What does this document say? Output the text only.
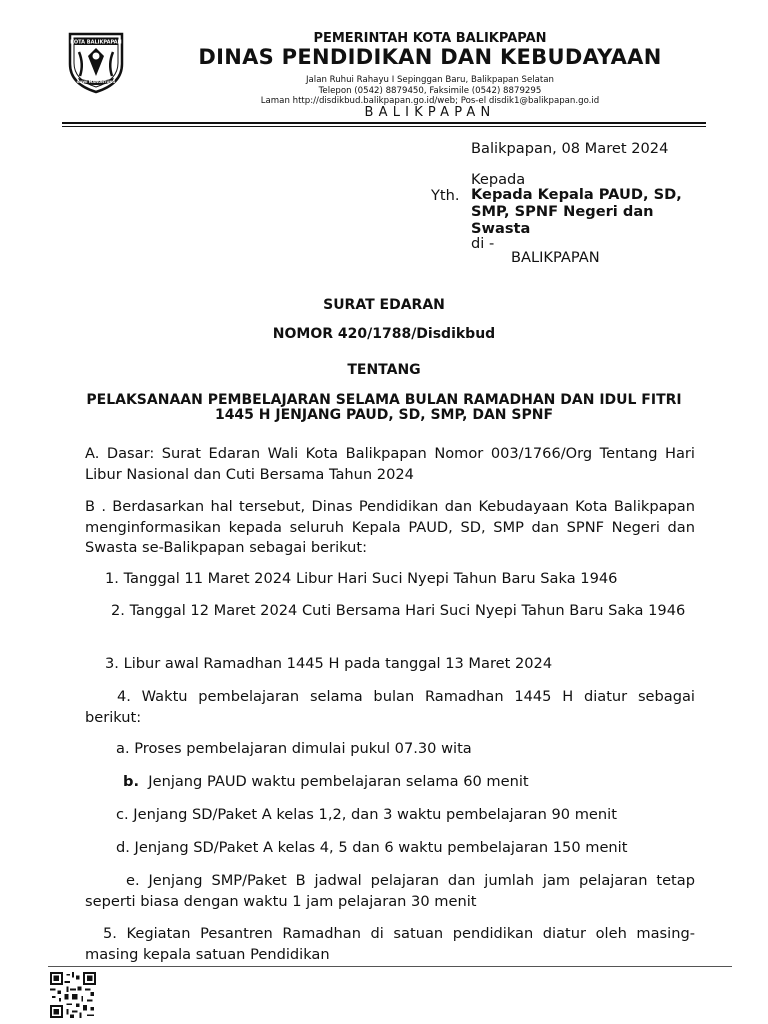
KOTA BALIKPAPAN
GAWI MANUNTUNG
PEMERINTAH KOTA BALIKPAPAN
DINAS PENDIDIKAN DAN KEBUDAYAAN
Jalan Ruhui Rahayu I Sepinggan Baru, Balikpapan Selatan
Telepon (0542) 8879450, Faksimile (0542) 8879295
Laman http://disdikbud.balikpapan.go.id/web; Pos-el disdik1@balikpapan.go.id
BALIKPAPAN
Balikpapan, 08 Maret 2024
Kepada
Yth. Kepada Kepala PAUD, SD,
SMP, SPNF Negeri dan
Swasta
di -
BALIKPAPAN
SURAT EDARAN
NOMOR 420/1788/Disdikbud
TENTANG
PELAKSANAAN PEMBELAJARAN SELAMA BULAN RAMADHAN DAN IDUL FITRI
1445 H JENJANG PAUD, SD, SMP, DAN SPNF
A. Dasar: Surat Edaran Wali Kota Balikpapan Nomor 003/1766/Org Tentang Hari Libur Nasional dan Cuti Bersama Tahun 2024
B . Berdasarkan hal tersebut, Dinas Pendidikan dan Kebudayaan Kota Balikpapan menginformasikan kepada seluruh Kepala PAUD, SD, SMP dan SPNF Negeri dan Swasta se-Balikpapan sebagai berikut:
1. Tanggal 11 Maret 2024 Libur Hari Suci Nyepi Tahun Baru Saka 1946
2. Tanggal 12 Maret 2024 Cuti Bersama Hari Suci Nyepi Tahun Baru Saka 1946
3. Libur awal Ramadhan 1445 H pada tanggal 13 Maret 2024
4. Waktu pembelajaran selama bulan Ramadhan 1445 H diatur sebagai berikut:
a. Proses pembelajaran dimulai pukul 07.30 wita
b. Jenjang PAUD waktu pembelajaran selama 60 menit
c. Jenjang SD/Paket A kelas 1,2, dan 3 waktu pembelajaran 90 menit
d. Jenjang SD/Paket A kelas 4, 5 dan 6 waktu pembelajaran 150 menit
e. Jenjang SMP/Paket B jadwal pelajaran dan jumlah jam pelajaran tetap seperti biasa dengan waktu 1 jam pelajaran 30 menit
5. Kegiatan Pesantren Ramadhan di satuan pendidikan diatur oleh masing-masing kepala satuan Pendidikan
